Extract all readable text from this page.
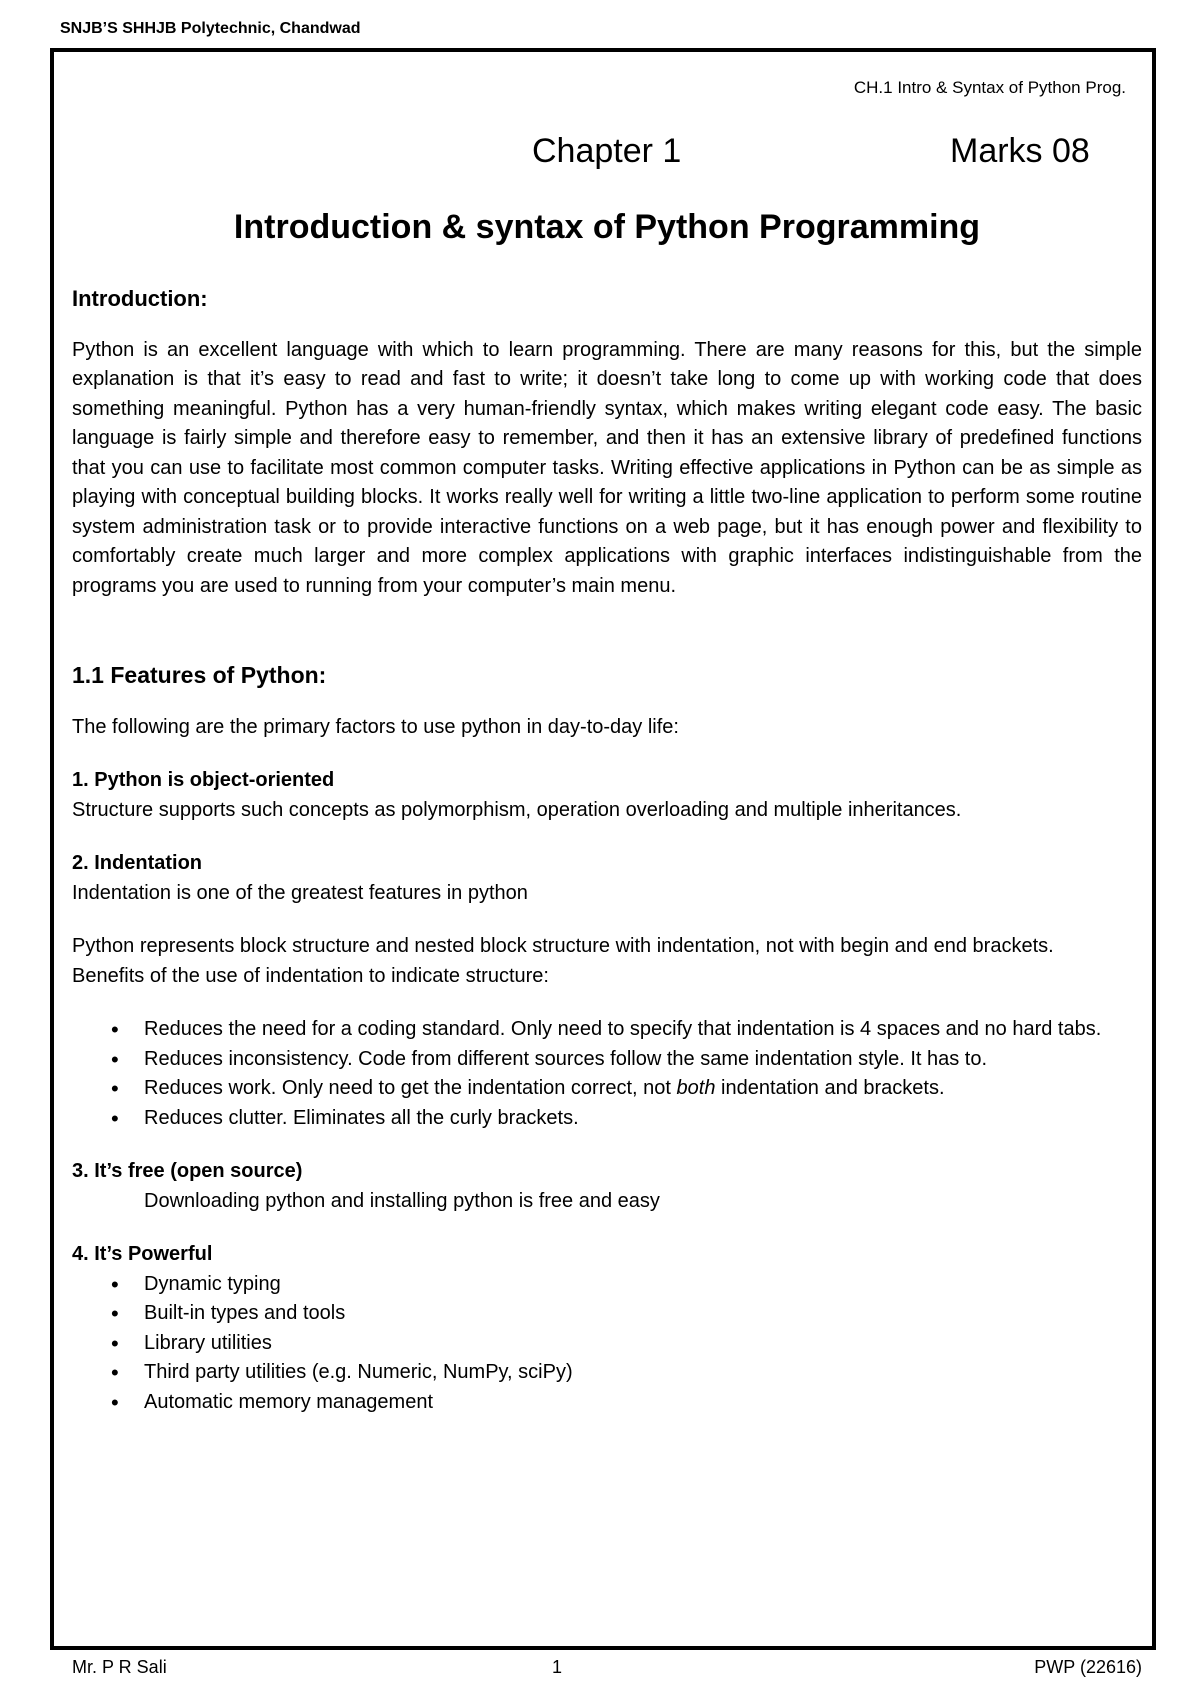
SNJB’S SHHJB Polytechnic, Chandwad
CH.1 Intro & Syntax of Python Prog.
Chapter 1	Marks 08
Introduction & syntax of Python Programming
Introduction:

Python is an excellent language with which to learn programming. There are many reasons for this, but the simple explanation is that it’s easy to read and fast to write; it doesn’t take long to come up with working code that does something meaningful. Python has a very human-friendly syntax, which makes writing elegant code easy. The basic language is fairly simple and therefore easy to remember, and then it has an extensive library of predefined functions that you can use to facilitate most common computer tasks. Writing effective applications in Python can be as simple as playing with conceptual building blocks. It works really well for writing a little two-line application to perform some routine system administration task or to provide interactive functions on a web page, but it has enough power and flexibility to comfortably create much larger and more complex applications with graphic interfaces indistinguishable from the programs you are used to running from your computer’s main menu.

1.1 Features of Python:

The following are the primary factors to use python in day-to-day life:

1. Python is object-oriented

Structure supports such concepts as polymorphism, operation overloading and multiple inheritances.

2. Indentation

Indentation is one of the greatest features in python

Python represents block structure and nested block structure with indentation, not with begin and end brackets.

Benefits of the use of indentation to indicate structure:

• Reduces the need for a coding standard. Only need to specify that indentation is 4 spaces and no hard tabs.
• Reduces inconsistency. Code from different sources follow the same indentation style. It has to.
• Reduces work. Only need to get the indentation correct, not both indentation and brackets.
• Reduces clutter. Eliminates all the curly brackets.

3. It’s free (open source)

Downloading python and installing python is free and easy

4. It’s Powerful

• Dynamic typing
• Built-in types and tools
• Library utilities
• Third party utilities (e.g. Numeric, NumPy, sciPy)
• Automatic memory management
Mr. P R Sali	1	PWP (22616)
